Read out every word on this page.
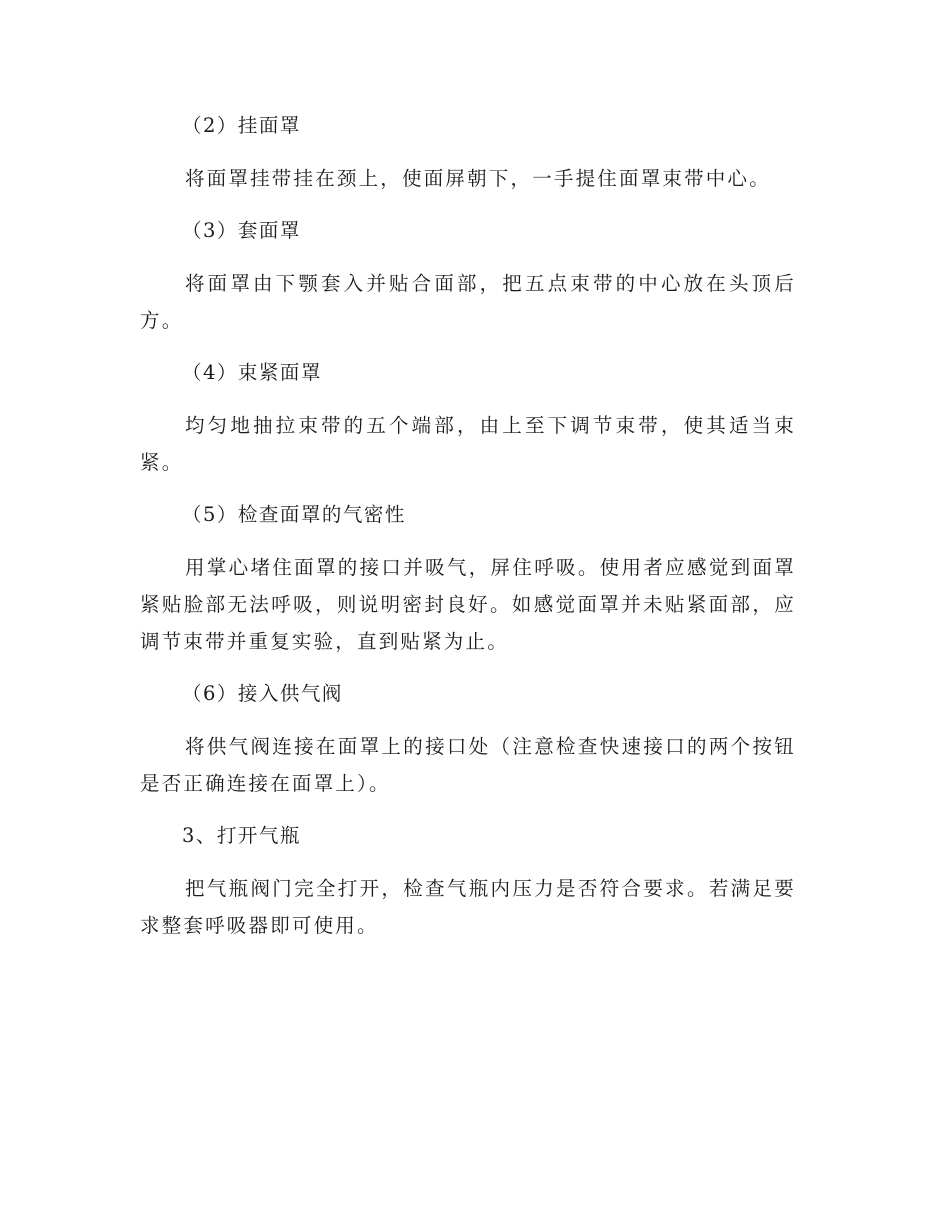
（2）挂面罩
将面罩挂带挂在颈上，使面屏朝下，一手提住面罩束带中心。
（3）套面罩
将面罩由下颚套入并贴合面部，把五点束带的中心放在头顶后方。
（4）束紧面罩
均匀地抽拉束带的五个端部，由上至下调节束带，使其适当束紧。
（5）检查面罩的气密性
用掌心堵住面罩的接口并吸气，屏住呼吸。使用者应感觉到面罩紧贴脸部无法呼吸，则说明密封良好。如感觉面罩并未贴紧面部，应调节束带并重复实验，直到贴紧为止。
（6）接入供气阀
将供气阀连接在面罩上的接口处（注意检查快速接口的两个按钮是否正确连接在面罩上）。
3、打开气瓶
把气瓶阀门完全打开，检查气瓶内压力是否符合要求。若满足要求整套呼吸器即可使用。
